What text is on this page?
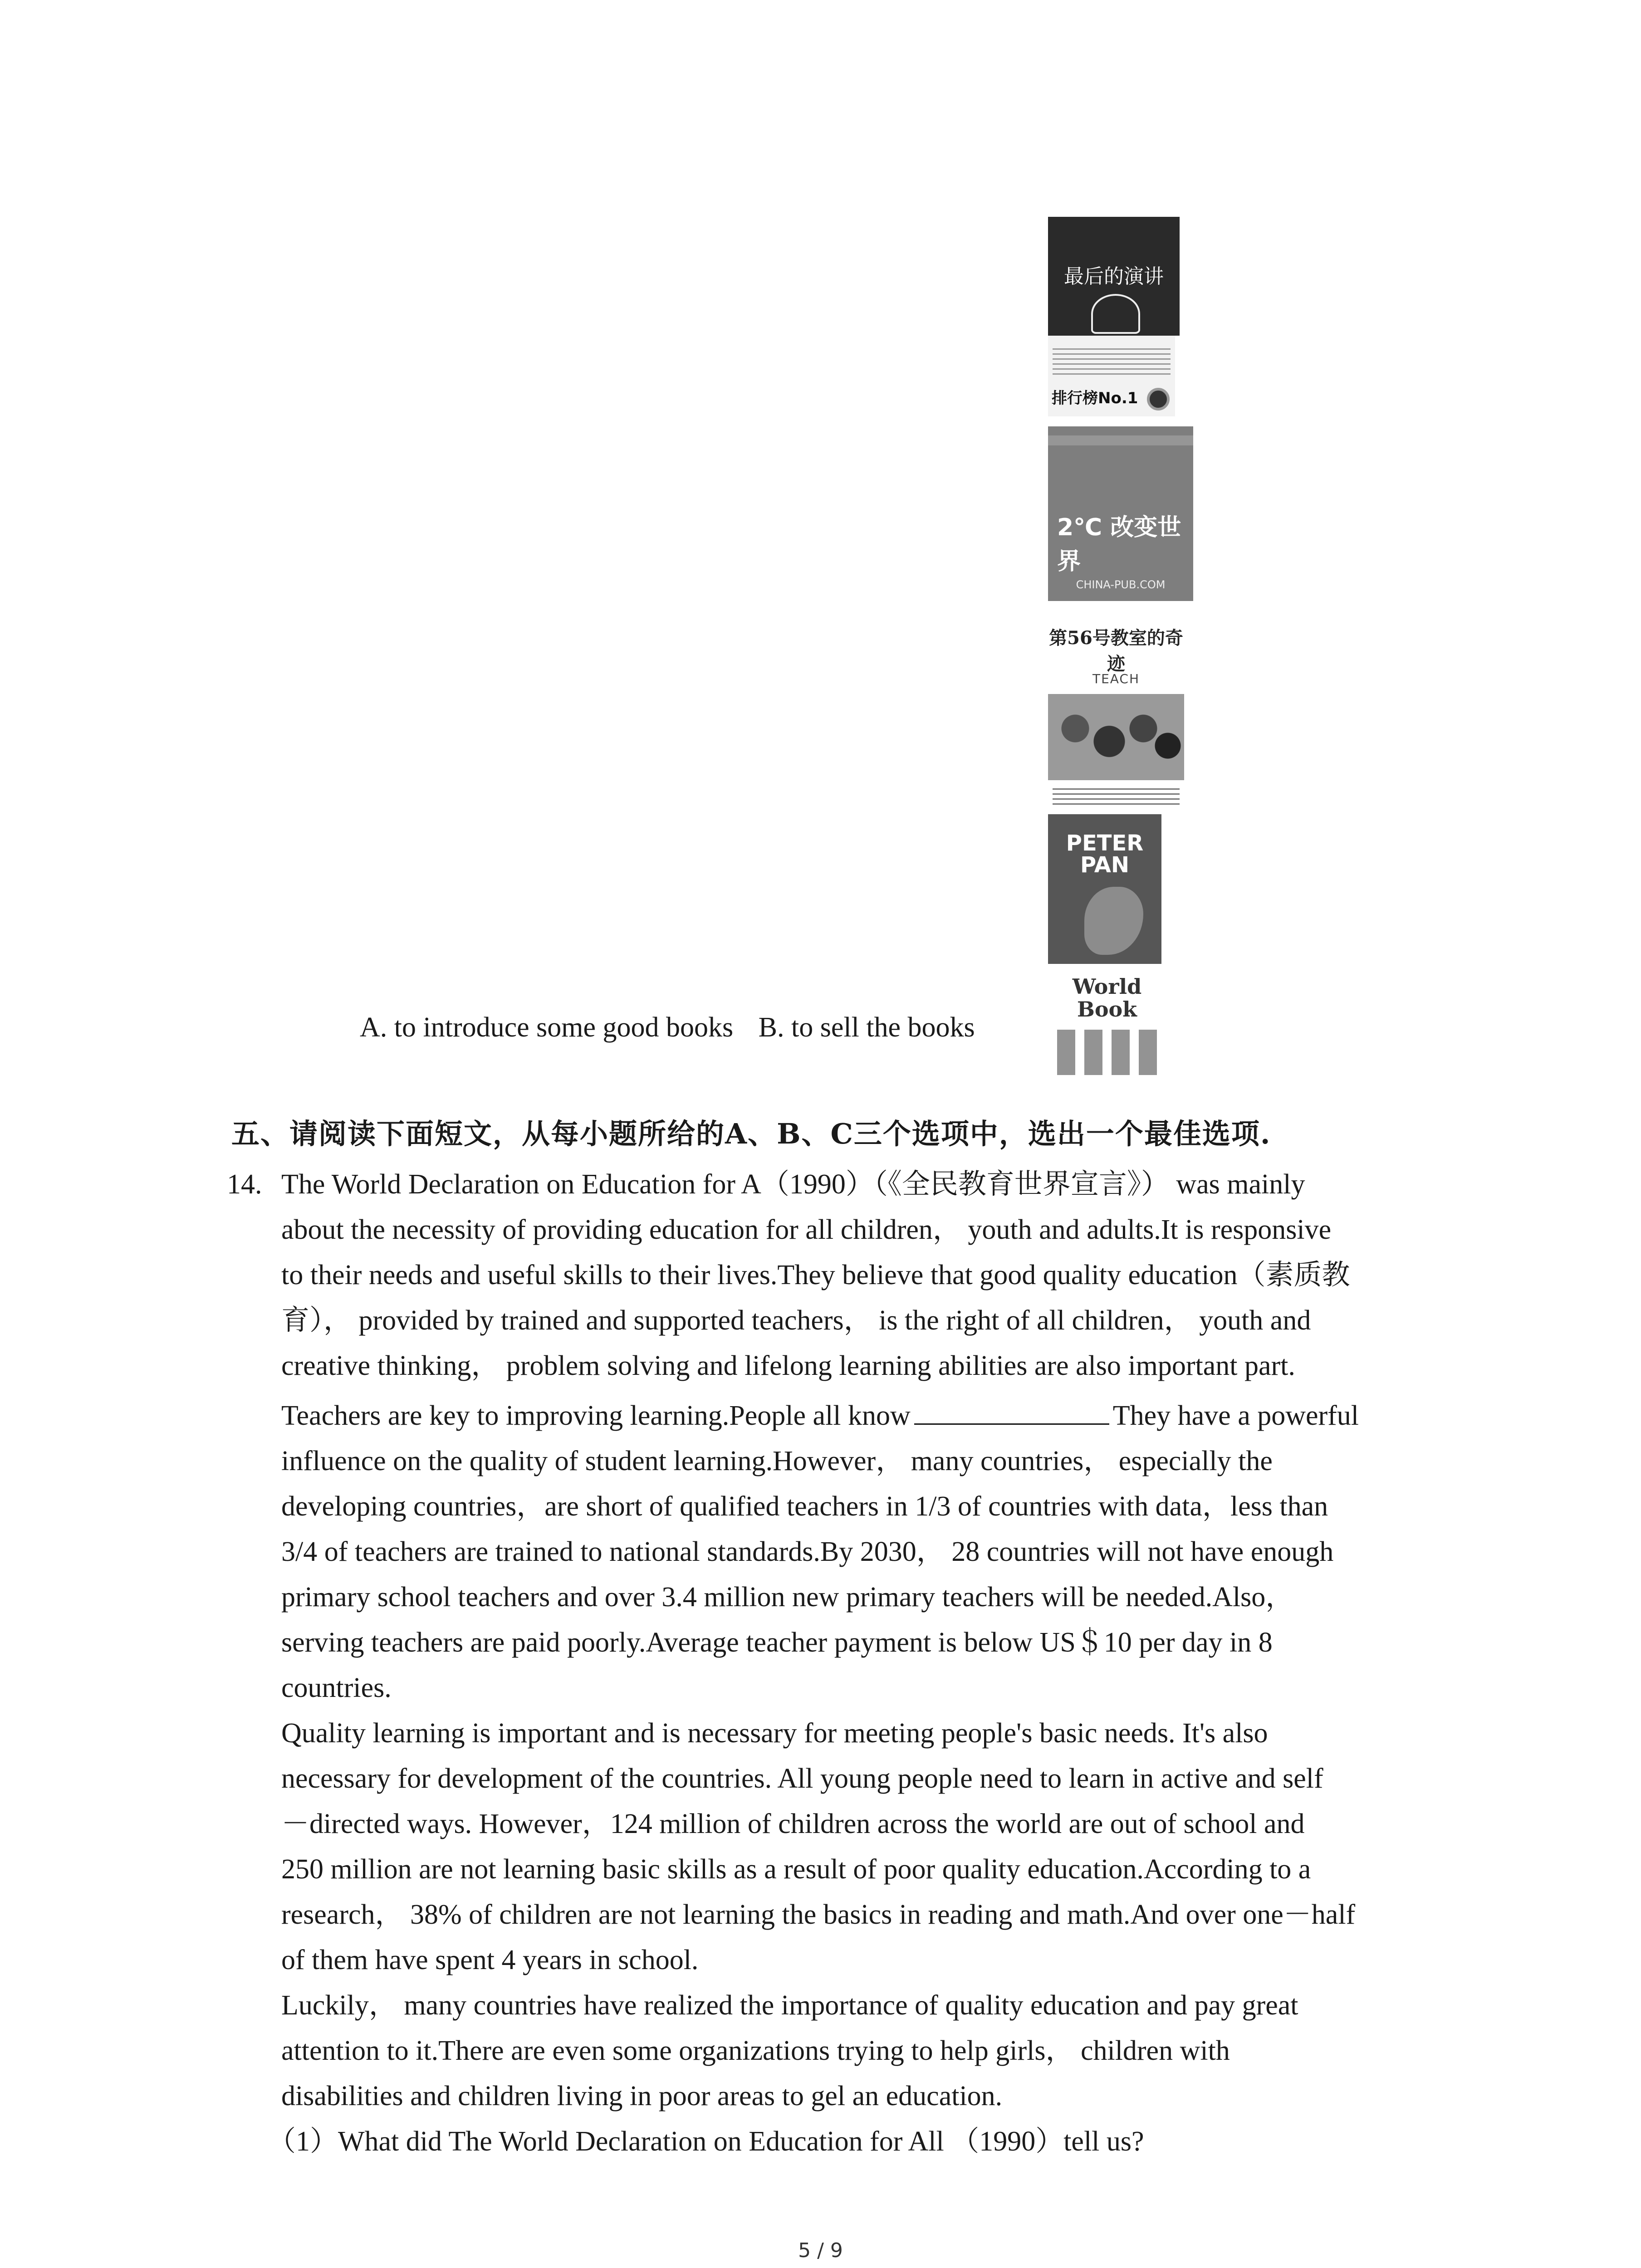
最后的演讲
排行榜No.1
2℃ 改变世界
CHINA-PUB.COM
第56号教室的奇迹
TEACH
PETER
PAN
World
Book
A. to introduce some good books B. to sell the books
五、请阅读下面短文，从每小题所给的A、B、C三个选项中，选出一个最佳选项.
14. The World Declaration on Education for A（1990）（《全民教育世界宣言》） was mainly
about the necessity of providing education for all children， youth and adults.It is responsive
to their needs and useful skills to their lives.They believe that good quality education（素质教
育）， provided by trained and supported teachers， is the right of all children， youth and
creative thinking， problem solving and lifelong learning abilities are also important part.
Teachers are key to improving learning.People all know	They have a powerful
influence on the quality of student learning.However， many countries， especially the
developing countries，are short of qualified teachers in 1/3 of countries with data，less than
3/4 of teachers are trained to national standards.By 2030， 28 countries will not have enough
primary school teachers and over 3.4 million new primary teachers will be needed.Also，
serving teachers are paid poorly.Average teacher payment is below US＄10 per day in 8
countries.
Quality learning is important and is necessary for meeting people's basic needs. It's also
necessary for development of the countries. All young people need to learn in active and self
－directed ways. However，124 million of children across the world are out of school and
250 million are not learning basic skills as a result of poor quality education.According to a
research， 38% of children are not learning the basics in reading and math.And over one－half
of them have spent 4 years in school.
Luckily， many countries have realized the importance of quality education and pay great
attention to it.There are even some organizations trying to help girls， children with
disabilities and children living in poor areas to gel an education.
（1）What did The World Declaration on Education for All （1990）tell us?
5 / 9
